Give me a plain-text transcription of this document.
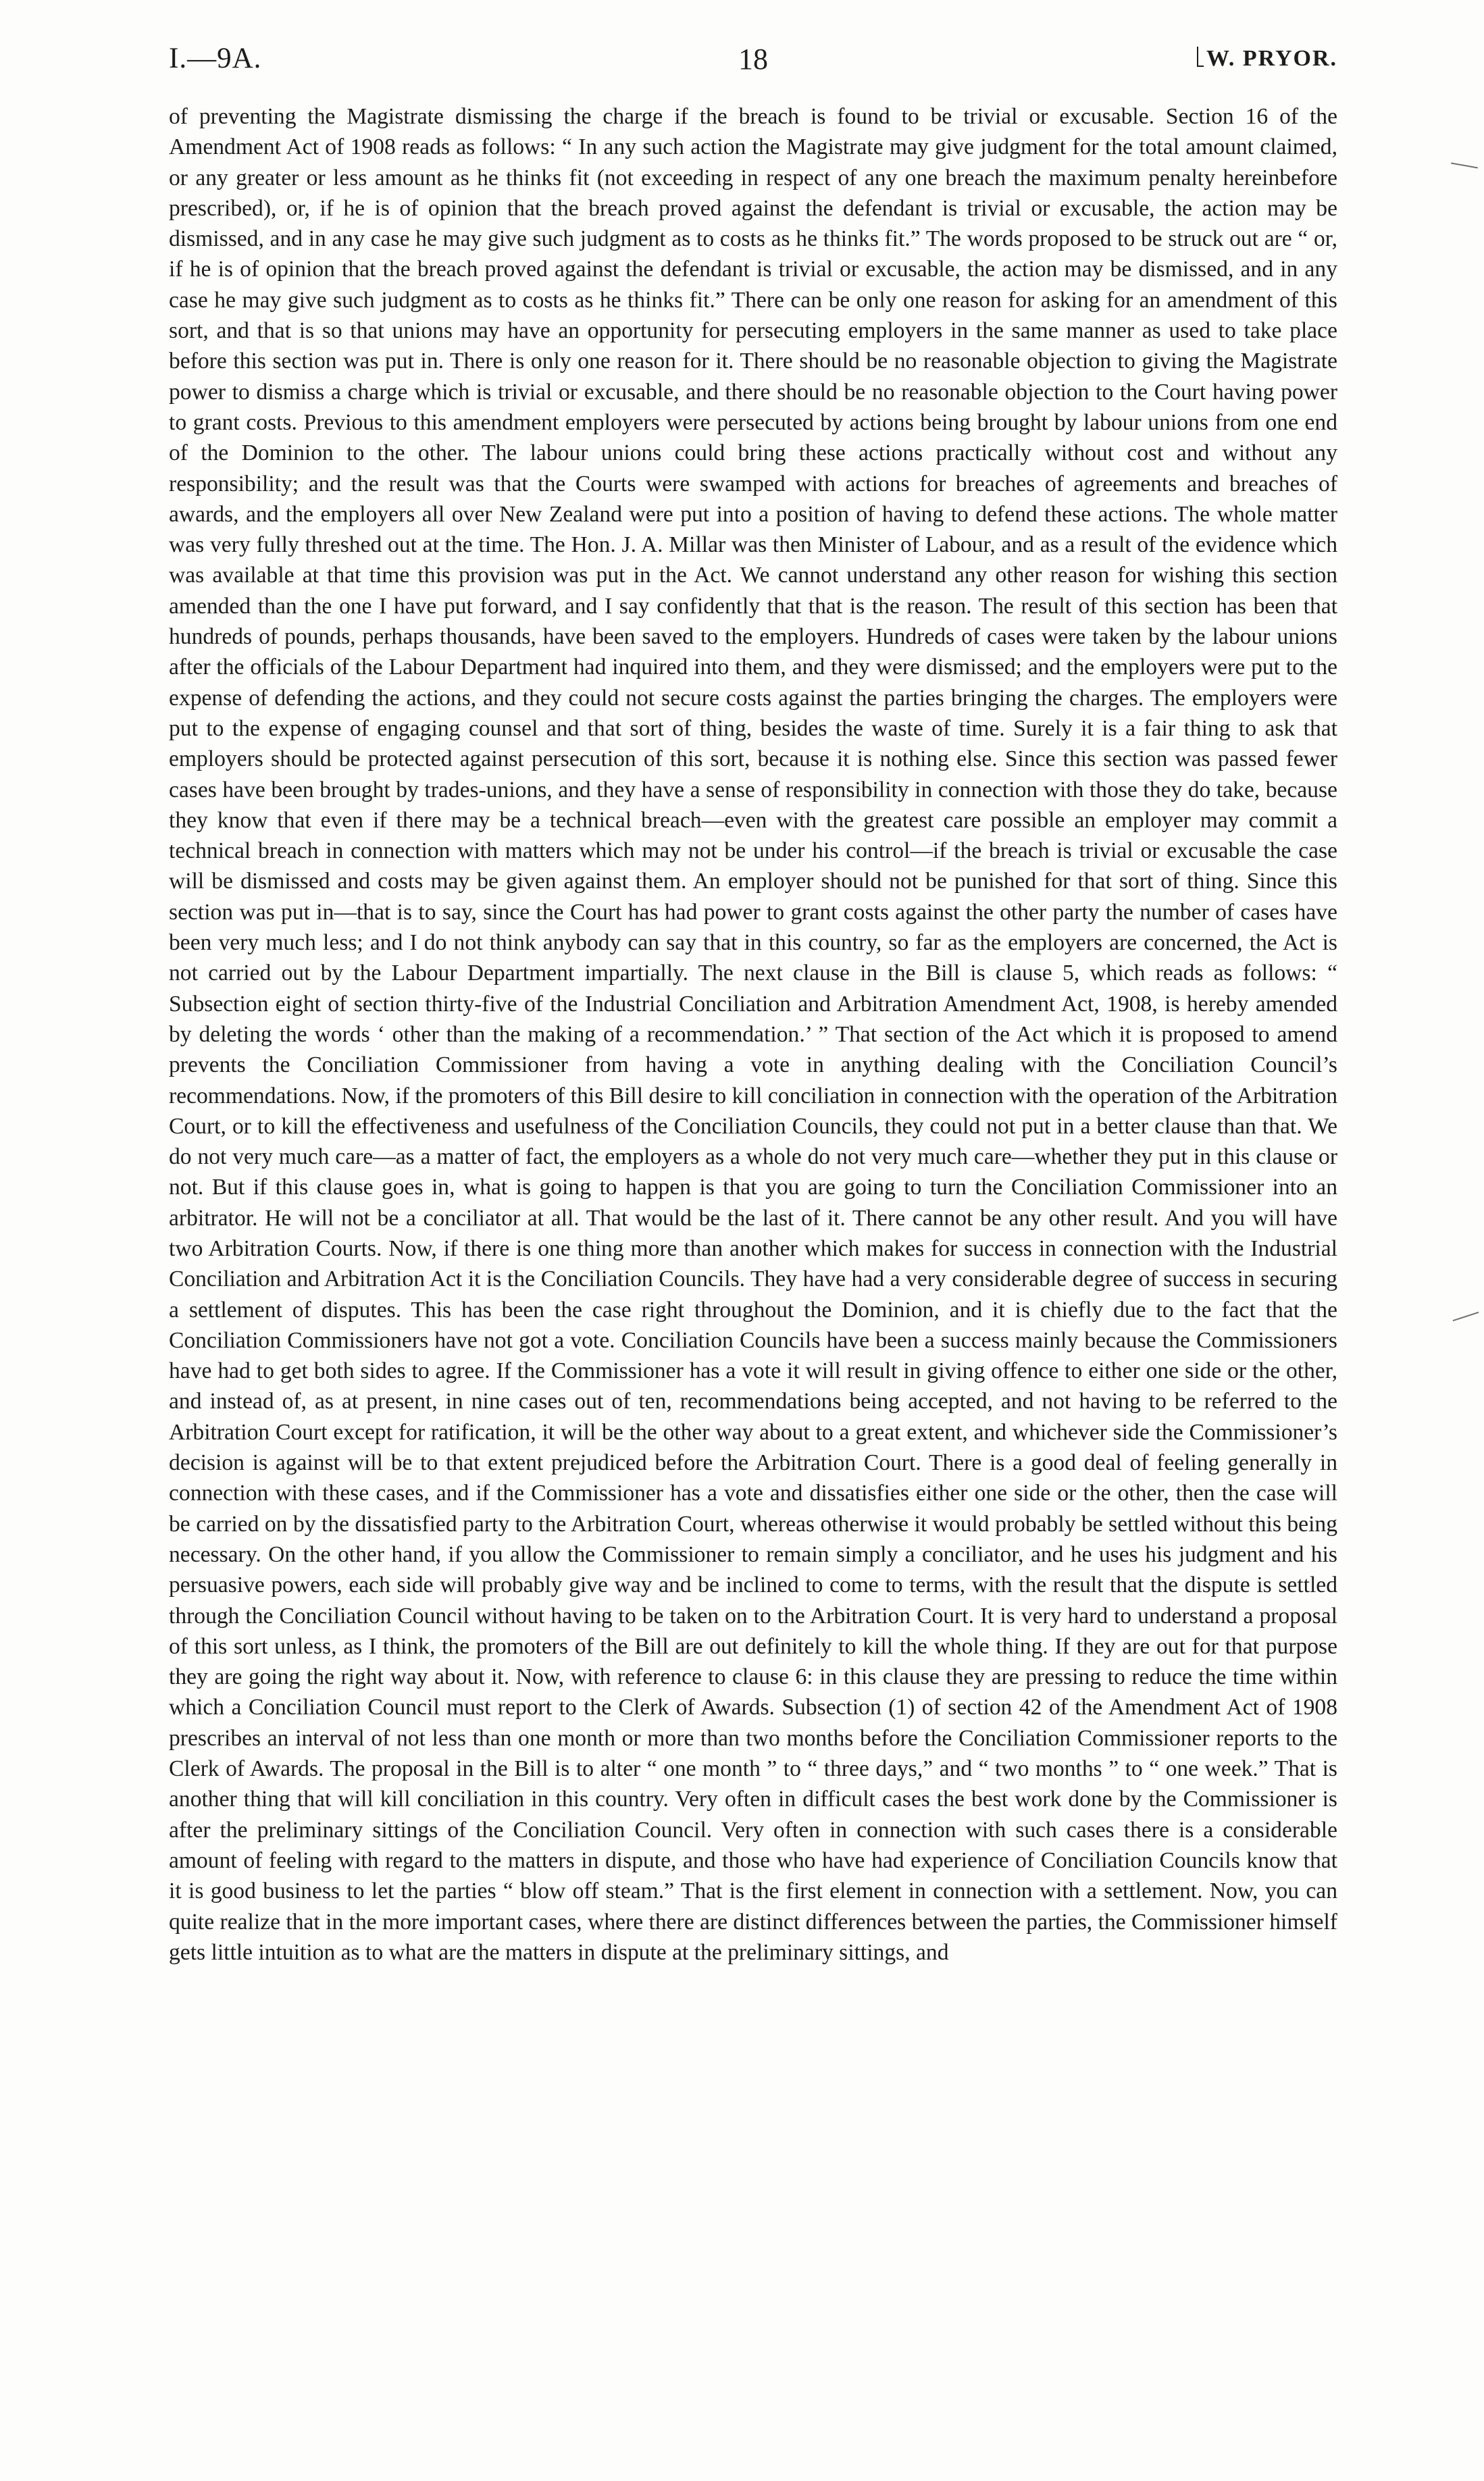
I.—9A.	18	W. PRYOR.

of preventing the Magistrate dismissing the charge if the breach is found to be trivial or excusable. Section 16 of the Amendment Act of 1908 reads as follows: “ In any such action the Magistrate may give judgment for the total amount claimed, or any greater or less amount as he thinks fit (not exceeding in respect of any one breach the maximum penalty hereinbefore prescribed), or, if he is of opinion that the breach proved against the defendant is trivial or excusable, the action may be dismissed, and in any case he may give such judgment as to costs as he thinks fit.” The words proposed to be struck out are “ or, if he is of opinion that the breach proved against the defendant is trivial or excusable, the action may be dismissed, and in any case he may give such judgment as to costs as he thinks fit.” There can be only one reason for asking for an amendment of this sort, and that is so that unions may have an opportunity for persecuting employers in the same manner as used to take place before this section was put in. There is only one reason for it. There should be no reasonable objection to giving the Magistrate power to dismiss a charge which is trivial or excusable, and there should be no reasonable objection to the Court having power to grant costs. Previous to this amendment employers were persecuted by actions being brought by labour unions from one end of the Dominion to the other. The labour unions could bring these actions practically without cost and without any responsibility; and the result was that the Courts were swamped with actions for breaches of agreements and breaches of awards, and the employers all over New Zealand were put into a position of having to defend these actions. The whole matter was very fully threshed out at the time. The Hon. J. A. Millar was then Minister of Labour, and as a result of the evidence which was available at that time this provision was put in the Act. We cannot understand any other reason for wishing this section amended than the one I have put forward, and I say confidently that that is the reason. The result of this section has been that hundreds of pounds, perhaps thousands, have been saved to the employers. Hundreds of cases were taken by the labour unions after the officials of the Labour Department had inquired into them, and they were dismissed; and the employers were put to the expense of defending the actions, and they could not secure costs against the parties bringing the charges. The employers were put to the expense of engaging counsel and that sort of thing, besides the waste of time. Surely it is a fair thing to ask that employers should be protected against persecution of this sort, because it is nothing else. Since this section was passed fewer cases have been brought by trades-unions, and they have a sense of responsibility in connection with those they do take, because they know that even if there may be a technical breach—even with the greatest care possible an employer may commit a technical breach in connection with matters which may not be under his control—if the breach is trivial or excusable the case will be dismissed and costs may be given against them. An employer should not be punished for that sort of thing. Since this section was put in—that is to say, since the Court has had power to grant costs against the other party the number of cases have been very much less; and I do not think anybody can say that in this country, so far as the employers are concerned, the Act is not carried out by the Labour Department impartially. The next clause in the Bill is clause 5, which reads as follows: “ Subsection eight of section thirty-five of the Industrial Conciliation and Arbitration Amendment Act, 1908, is hereby amended by deleting the words ‘ other than the making of a recommendation.’ ” That section of the Act which it is proposed to amend prevents the Conciliation Commissioner from having a vote in anything dealing with the Conciliation Council’s recommendations. Now, if the promoters of this Bill desire to kill conciliation in connection with the operation of the Arbitration Court, or to kill the effectiveness and usefulness of the Conciliation Councils, they could not put in a better clause than that. We do not very much care—as a matter of fact, the employers as a whole do not very much care—whether they put in this clause or not. But if this clause goes in, what is going to happen is that you are going to turn the Conciliation Commissioner into an arbitrator. He will not be a conciliator at all. That would be the last of it. There cannot be any other result. And you will have two Arbitration Courts. Now, if there is one thing more than another which makes for success in connection with the Industrial Conciliation and Arbitration Act it is the Conciliation Councils. They have had a very considerable degree of success in securing a settlement of disputes. This has been the case right throughout the Dominion, and it is chiefly due to the fact that the Conciliation Commissioners have not got a vote. Conciliation Councils have been a success mainly because the Commissioners have had to get both sides to agree. If the Commissioner has a vote it will result in giving offence to either one side or the other, and instead of, as at present, in nine cases out of ten, recommendations being accepted, and not having to be referred to the Arbitration Court except for ratification, it will be the other way about to a great extent, and whichever side the Commissioner’s decision is against will be to that extent prejudiced before the Arbitration Court. There is a good deal of feeling generally in connection with these cases, and if the Commissioner has a vote and dissatisfies either one side or the other, then the case will be carried on by the dissatisfied party to the Arbitration Court, whereas otherwise it would probably be settled without this being necessary. On the other hand, if you allow the Commissioner to remain simply a conciliator, and he uses his judgment and his persuasive powers, each side will probably give way and be inclined to come to terms, with the result that the dispute is settled through the Conciliation Council without having to be taken on to the Arbitration Court. It is very hard to understand a proposal of this sort unless, as I think, the promoters of the Bill are out definitely to kill the whole thing. If they are out for that purpose they are going the right way about it. Now, with reference to clause 6: in this clause they are pressing to reduce the time within which a Conciliation Council must report to the Clerk of Awards. Subsection (1) of section 42 of the Amendment Act of 1908 prescribes an interval of not less than one month or more than two months before the Conciliation Commissioner reports to the Clerk of Awards. The proposal in the Bill is to alter “ one month ” to “ three days,” and “ two months ” to “ one week.” That is another thing that will kill conciliation in this country. Very often in difficult cases the best work done by the Commissioner is after the preliminary sittings of the Conciliation Council. Very often in connection with such cases there is a considerable amount of feeling with regard to the matters in dispute, and those who have had experience of Conciliation Councils know that it is good business to let the parties “ blow off steam.” That is the first element in connection with a settlement. Now, you can quite realize that in the more important cases, where there are distinct differences between the parties, the Commissioner himself gets little intuition as to what are the matters in dispute at the preliminary sittings, and
